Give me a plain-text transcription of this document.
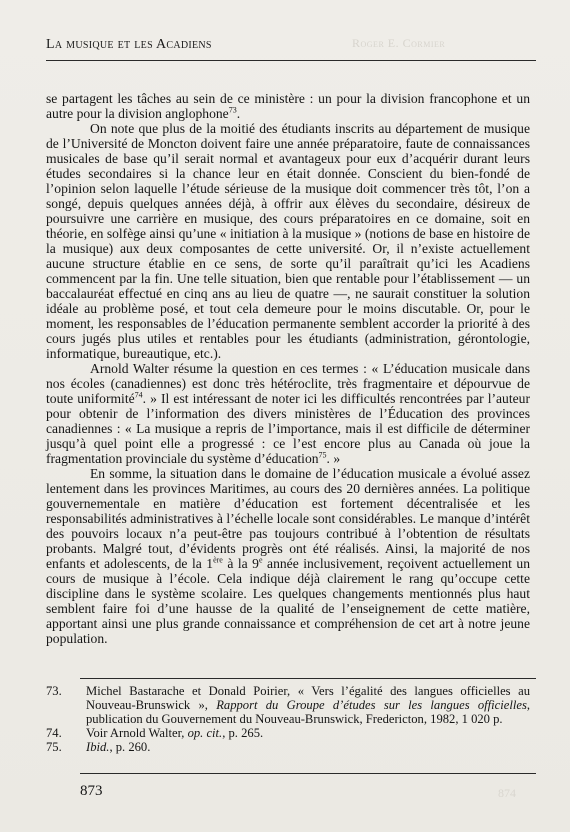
Roger E. Cormier
La musique et les Acadiens

se partagent les tâches au sein de ce ministère : un pour la division francophone et un autre pour la division anglophone$^{73}$.

On note que plus de la moitié des étudiants inscrits au département de musique de l’Université de Moncton doivent faire une année préparatoire, faute de connaissances musicales de base qu’il serait normal et avantageux pour eux d’acquérir durant leurs études secondaires si la chance leur en était donnée. Conscient du bien-fondé de l’opinion selon laquelle l’étude sérieuse de la musique doit commencer très tôt, l’on a songé, depuis quelques années déjà, à offrir aux élèves du secondaire, désireux de poursuivre une carrière en musique, des cours préparatoires en ce domaine, soit en théorie, en solfège ainsi qu’une « initiation à la musique » (notions de base en histoire de la musique) aux deux composantes de cette université. Or, il n’existe actuellement aucune structure établie en ce sens, de sorte qu’il paraîtrait qu’ici les Acadiens commencent par la fin. Une telle situation, bien que rentable pour l’établissement — un baccalauréat effectué en cinq ans au lieu de quatre —, ne saurait constituer la solution idéale au problème posé, et tout cela demeure pour le moins discutable. Or, pour le moment, les responsables de l’éducation permanente semblent accorder la priorité à des cours jugés plus utiles et rentables pour les étudiants (administration, gérontologie, informatique, bureautique, etc.).

Arnold Walter résume la question en ces termes : « L’éducation musicale dans nos écoles (canadiennes) est donc très hétéroclite, très fragmentaire et dépourvue de toute uniformité$^{74}$. » Il est intéressant de noter ici les difficultés rencontrées par l’auteur pour obtenir de l’information des divers ministères de l’Éducation des provinces canadiennes : « La musique a repris de l’importance, mais il est difficile de déterminer jusqu’à quel point elle a progressé : ce l’est encore plus au Canada où joue la fragmentation provinciale du système d’éducation$^{75}$. »

En somme, la situation dans le domaine de l’éducation musicale a évolué assez lentement dans les provinces Maritimes, au cours des 20 dernières années. La politique gouvernementale en matière d’éducation est fortement décentralisée et les responsabilités administratives à l’échelle locale sont considérables. Le manque d’intérêt des pouvoirs locaux n’a peut-être pas toujours contribué à l’obtention de résultats probants. Malgré tout, d’évidents progrès ont été réalisés. Ainsi, la majorité de nos enfants et adolescents, de la 1ère à la 9e année inclusivement, reçoivent actuellement un cours de musique à l’école. Cela indique déjà clairement le rang qu’occupe cette discipline dans le système scolaire. Les quelques changements mentionnés plus haut semblent faire foi d’une hausse de la qualité de l’enseignement de cette matière, apportant ainsi une plus grande connaissance et compréhension de cet art à notre jeune population.

73. Michel Bastarache et Donald Poirier, « Vers l’égalité des langues officielles au Nouveau-Brunswick », Rapport du Groupe d’études sur les langues officielles, publication du Gouvernement du Nouveau-Brunswick, Fredericton, 1982, 1 020 p.
74. Voir Arnold Walter, op. cit., p. 265.
75. Ibid., p. 260.
873	874
